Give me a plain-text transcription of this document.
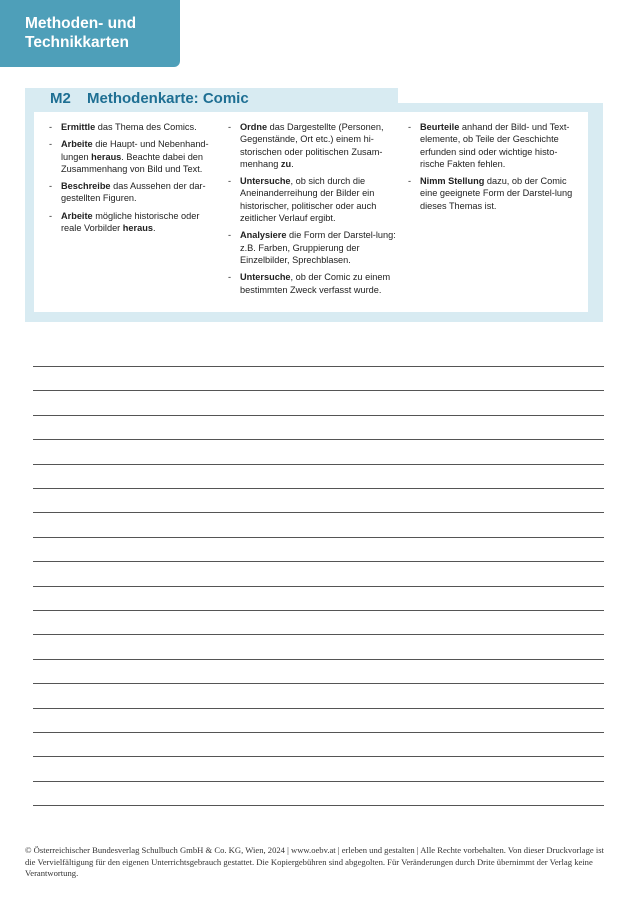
Methoden- und Technikkarten
M2 Methodenkarte: Comic
- Ermittle das Thema des Comics.
- Arbeite die Haupt- und Nebenhand-lungen heraus. Beachte dabei den Zusammenhang von Bild und Text.
- Beschreibe das Aussehen der dar-gestellten Figuren.
- Arbeite mögliche historische oder reale Vorbilder heraus.
- Ordne das Dargestellte (Personen, Gegenstände, Ort etc.) einem hi-storischen oder politischen Zusam-menhang zu.
- Untersuche, ob sich durch die Aneinanderreihung der Bilder ein historischer, politischer oder auch zeitlicher Verlauf ergibt.
- Analysiere die Form der Darstel-lung: z.B. Farben, Gruppierung der Einzelbilder, Sprechblasen.
- Untersuche, ob der Comic zu einem bestimmten Zweck verfasst wurde.
- Beurteile anhand der Bild- und Text-elemente, ob Teile der Geschichte erfunden sind oder wichtige histo-rische Fakten fehlen.
- Nimm Stellung dazu, ob der Comic eine geeignete Form der Darstel-lung dieses Themas ist.
© Österreichischer Bundesverlag Schulbuch GmbH & Co. KG, Wien, 2024 | www.oebv.at | erleben und gestalten | Alle Rechte vorbehalten. Von dieser Druckvorlage ist die Vervielfältigung für den eigenen Unterrichtsgebrauch gestattet. Die Kopiergebühren sind abgegolten. Für Veränderungen durch Drite übernimmt der Verlag keine Verantwortung.
